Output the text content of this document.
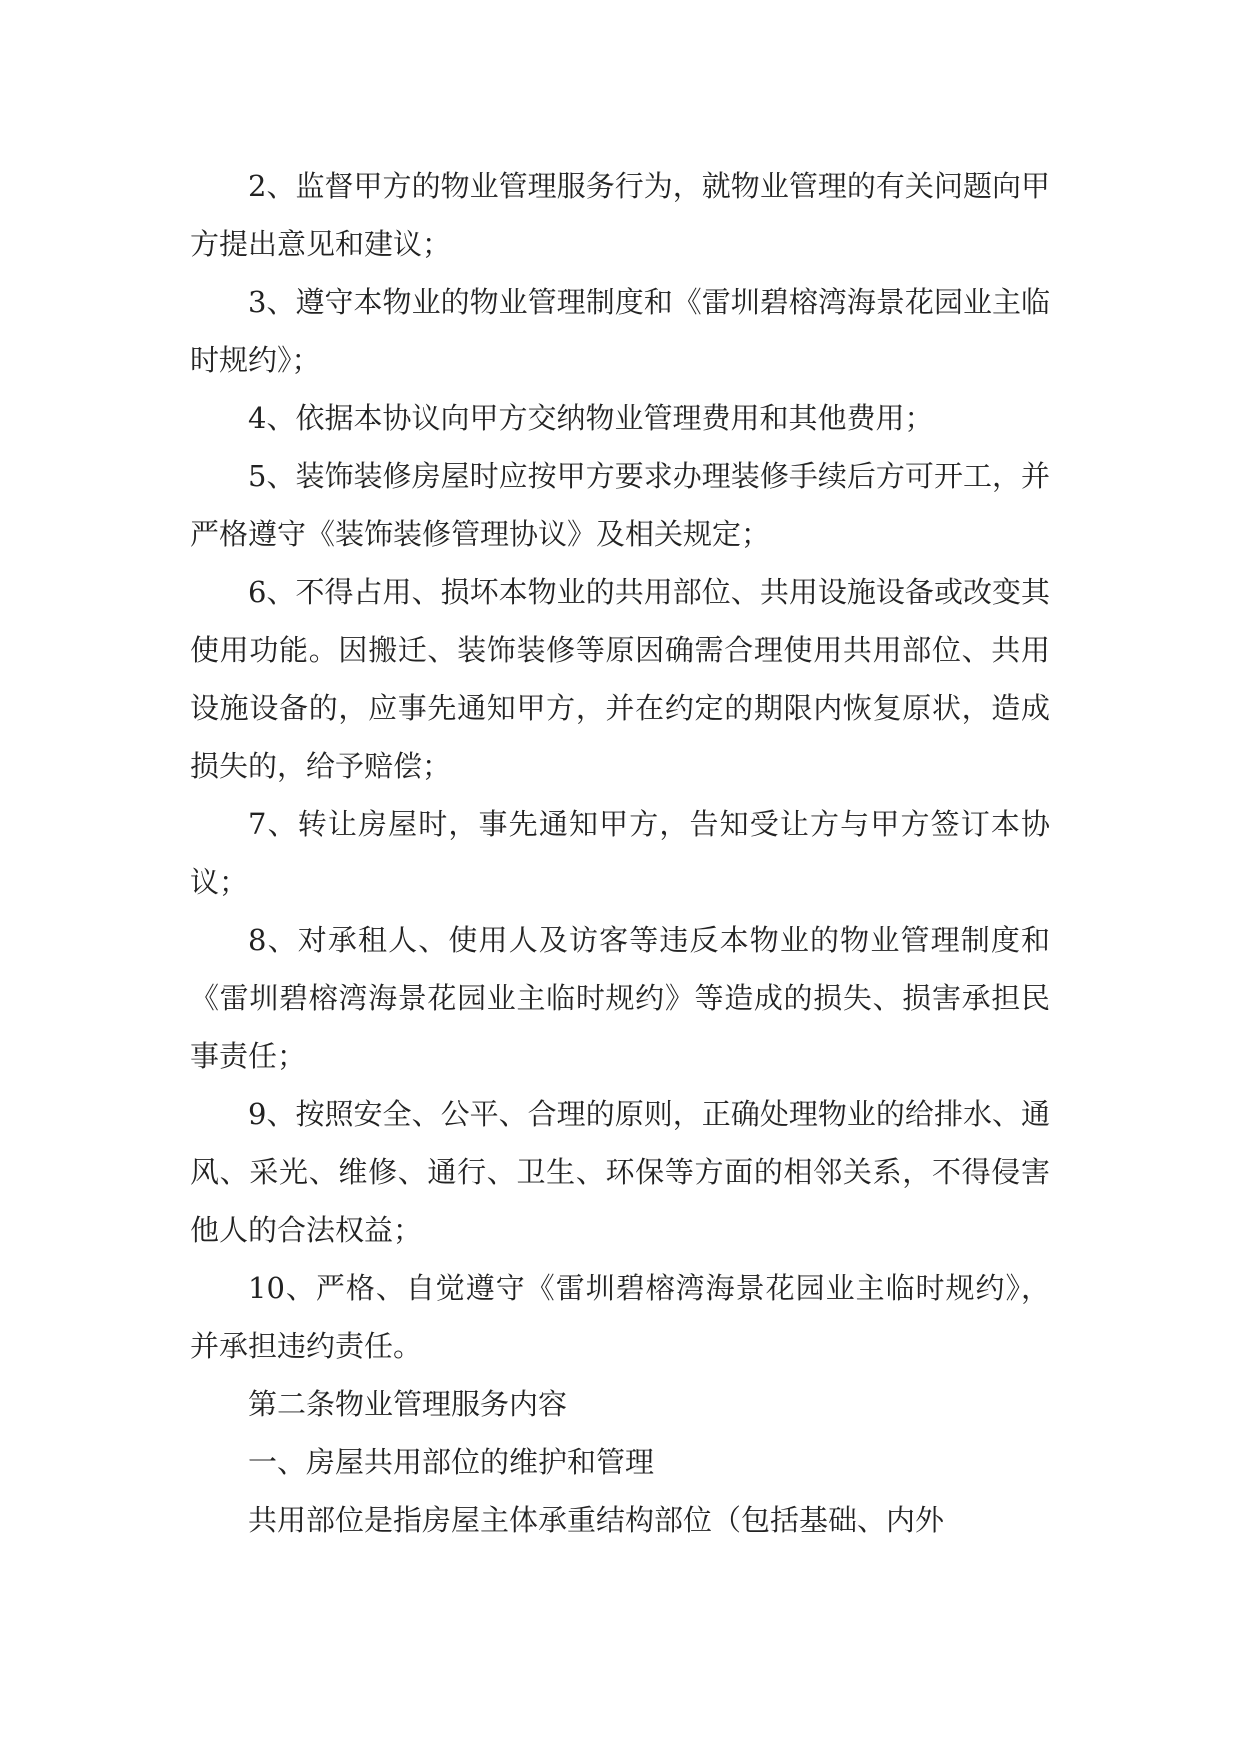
2、监督甲方的物业管理服务行为，就物业管理的有关问题向甲方提出意见和建议；

3、遵守本物业的物业管理制度和《雷圳碧榕湾海景花园业主临时规约》；

4、依据本协议向甲方交纳物业管理费用和其他费用；

5、装饰装修房屋时应按甲方要求办理装修手续后方可开工，并严格遵守《装饰装修管理协议》及相关规定；

6、不得占用、损坏本物业的共用部位、共用设施设备或改变其使用功能。因搬迁、装饰装修等原因确需合理使用共用部位、共用设施设备的，应事先通知甲方，并在约定的期限内恢复原状，造成损失的，给予赔偿；

7、转让房屋时，事先通知甲方，告知受让方与甲方签订本协议；

8、对承租人、使用人及访客等违反本物业的物业管理制度和《雷圳碧榕湾海景花园业主临时规约》等造成的损失、损害承担民事责任；

9、按照安全、公平、合理的原则，正确处理物业的给排水、通风、采光、维修、通行、卫生、环保等方面的相邻关系，不得侵害他人的合法权益；

10、严格、自觉遵守《雷圳碧榕湾海景花园业主临时规约》，并承担违约责任。

第二条物业管理服务内容

一、房屋共用部位的维护和管理

共用部位是指房屋主体承重结构部位（包括基础、内外
